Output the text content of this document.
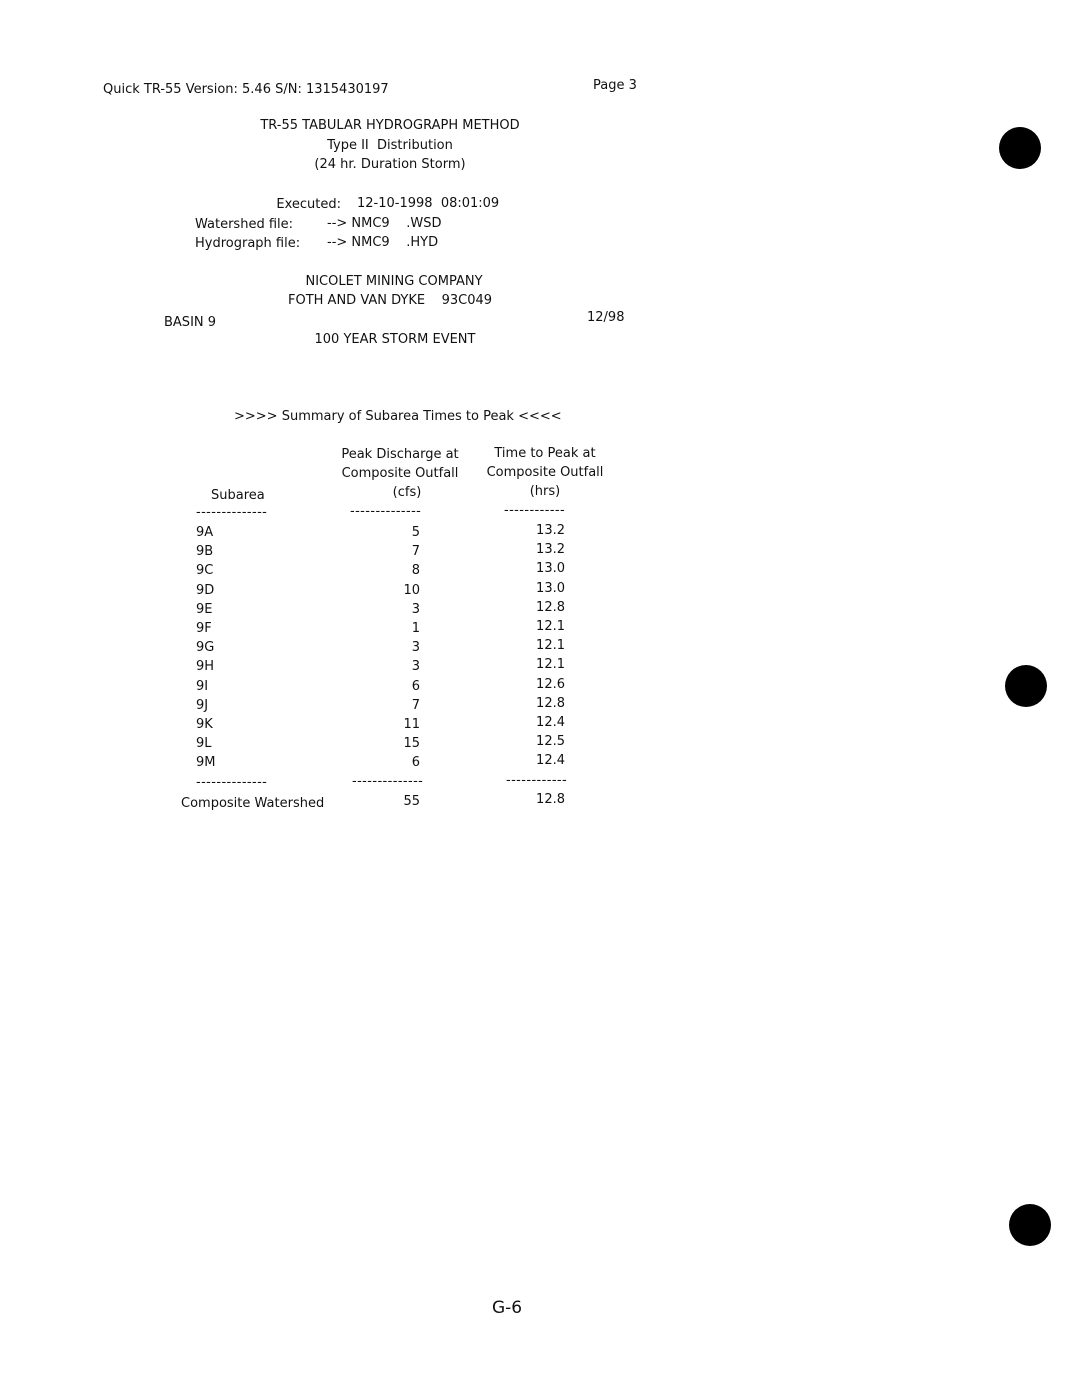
Quick TR-55 Version: 5.46 S/N: 1315430197	Page 3
TR-55 TABULAR HYDROGRAPH METHOD
Type II  Distribution
(24 hr. Duration Storm)
Executed: 12-10-1998  08:01:09
Watershed file:	--> NMC9    .WSD
Hydrograph file: --> NMC9    .HYD
NICOLET MINING COMPANY
FOTH AND VAN DYKE    93C049
BASIN 9	12/98
100 YEAR STORM EVENT
>>>> Summary of Subarea Times to Peak <<<<
Peak Discharge at
Composite Outfall
(cfs)
Time to Peak at
Composite Outfall
(hrs)
Subarea
--------------	--------------	------------
9A	5	13.2
9B	7	13.2
9C	8	13.0
9D	10	13.0
9E	3	12.8
9F	1	12.1
9G	3	12.1
9H	3	12.1
9I	6	12.6
9J	7	12.8
9K	11	12.4
9L	15	12.5
9M	6	12.4
--------------	--------------	------------
Composite Watershed	55	12.8
G-6
